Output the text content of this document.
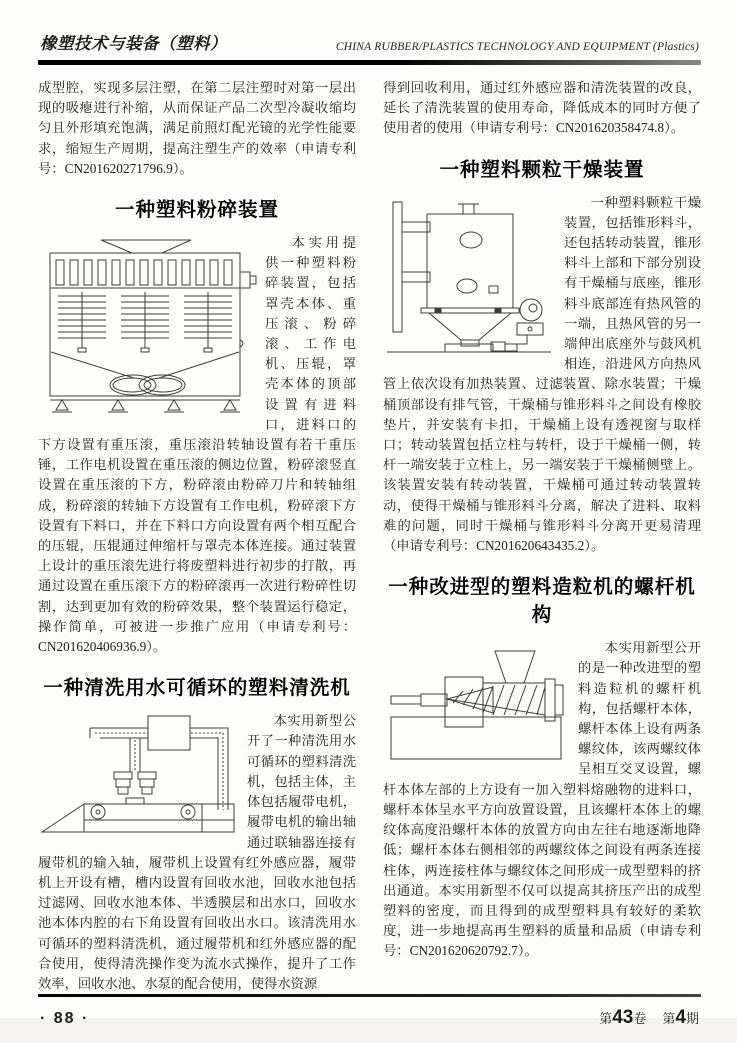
橡塑技术与装备（塑料）	CHINA RUBBER/PLASTICS TECHNOLOGY AND EQUIPMENT (Plastics)

成型腔，实现多层注塑，在第二层注塑时对第一层出现的吸瘪进行补缩，从而保证产品二次型冷凝收缩均匀且外形填充饱满，满足前照灯配光镜的光学性能要求，缩短生产周期，提高注塑生产的效率（申请专利号：CN201620271796.9）。

一种塑料粉碎装置

本实用提供一种塑料粉碎装置，包括罩壳本体、重压滚、粉碎滚、工作电机、压辊，罩壳本体的顶部设置有进料口，进料口的下方设置有重压滚，重压滚沿转轴设置有若干重压锤，工作电机设置在重压滚的侧边位置，粉碎滚竖直设置在重压滚的下方，粉碎滚由粉碎刀片和转轴组成，粉碎滚的转轴下方设置有工作电机，粉碎滚下方设置有下料口，并在下料口方向设置有两个相互配合的压辊，压辊通过伸缩杆与罩壳本体连接。通过装置上设计的重压滚先进行将废塑料进行初步的打散，再通过设置在重压滚下方的粉碎滚再一次进行粉碎性切割，达到更加有效的粉碎效果，整个装置运行稳定，操作简单，可被进一步推广应用（申请专利号：CN201620406936.9）。

一种清洗用水可循环的塑料清洗机

本实用新型公开了一种清洗用水可循环的塑料清洗机，包括主体，主体包括履带电机，履带电机的输出轴通过联轴器连接有履带机的输入轴，履带机上设置有红外感应器，履带机上开设有槽，槽内设置有回收水池，回收水池包括过滤网、回收水池本体、半透膜层和出水口，回收水池本体内腔的右下角设置有回收出水口。该清洗用水可循环的塑料清洗机，通过履带机和红外感应器的配合使用，使得清洗操作变为流水式操作，提升了工作效率，回收水池、水泵的配合使用，使得水资源

得到回收利用，通过红外感应器和清洗装置的改良，延长了清洗装置的使用寿命，降低成本的同时方便了使用者的使用（申请专利号：CN201620358474.8）。

一种塑料颗粒干燥装置

一种塑料颗粒干燥装置，包括锥形料斗，还包括转动装置，锥形料斗上部和下部分别设有干燥桶与底座，锥形料斗底部连有热风管的一端，且热风管的另一端伸出底座外与鼓风机相连，沿进风方向热风管上依次设有加热装置、过滤装置、除水装置；干燥桶顶部设有排气管，干燥桶与锥形料斗之间设有橡胶垫片，并安装有卡扣，干燥桶上设有透视窗与取样口；转动装置包括立柱与转杆，设于干燥桶一侧，转杆一端安装于立柱上，另一端安装于干燥桶侧壁上。该装置安装有转动装置，干燥桶可通过转动装置转动，使得干燥桶与锥形料斗分离，解决了进料、取料难的问题，同时干燥桶与锥形料斗分离开更易清理（申请专利号：CN201620643435.2）。

一种改进型的塑料造粒机的螺杆机构

本实用新型公开的是一种改进型的塑料造粒机的螺杆机构，包括螺杆本体，螺杆本体上设有两条螺纹体，该两螺纹体呈相互交叉设置，螺杆本体左部的上方设有一加入塑料熔融物的进料口，螺杆本体呈水平方向放置设置，且该螺杆本体上的螺纹体高度沿螺杆本体的放置方向由左往右地逐渐地降低；螺杆本体右侧相邻的两螺纹体之间设有两条连接柱体，两连接柱体与螺纹体之间形成一成型塑料的挤出通道。本实用新型不仅可以提高其挤压产出的成型塑料的密度，而且得到的成型塑料具有较好的柔软度，进一步地提高再生塑料的质量和品质（申请专利号：CN201620620792.7）。

· 88 ·	第43卷 第4期
